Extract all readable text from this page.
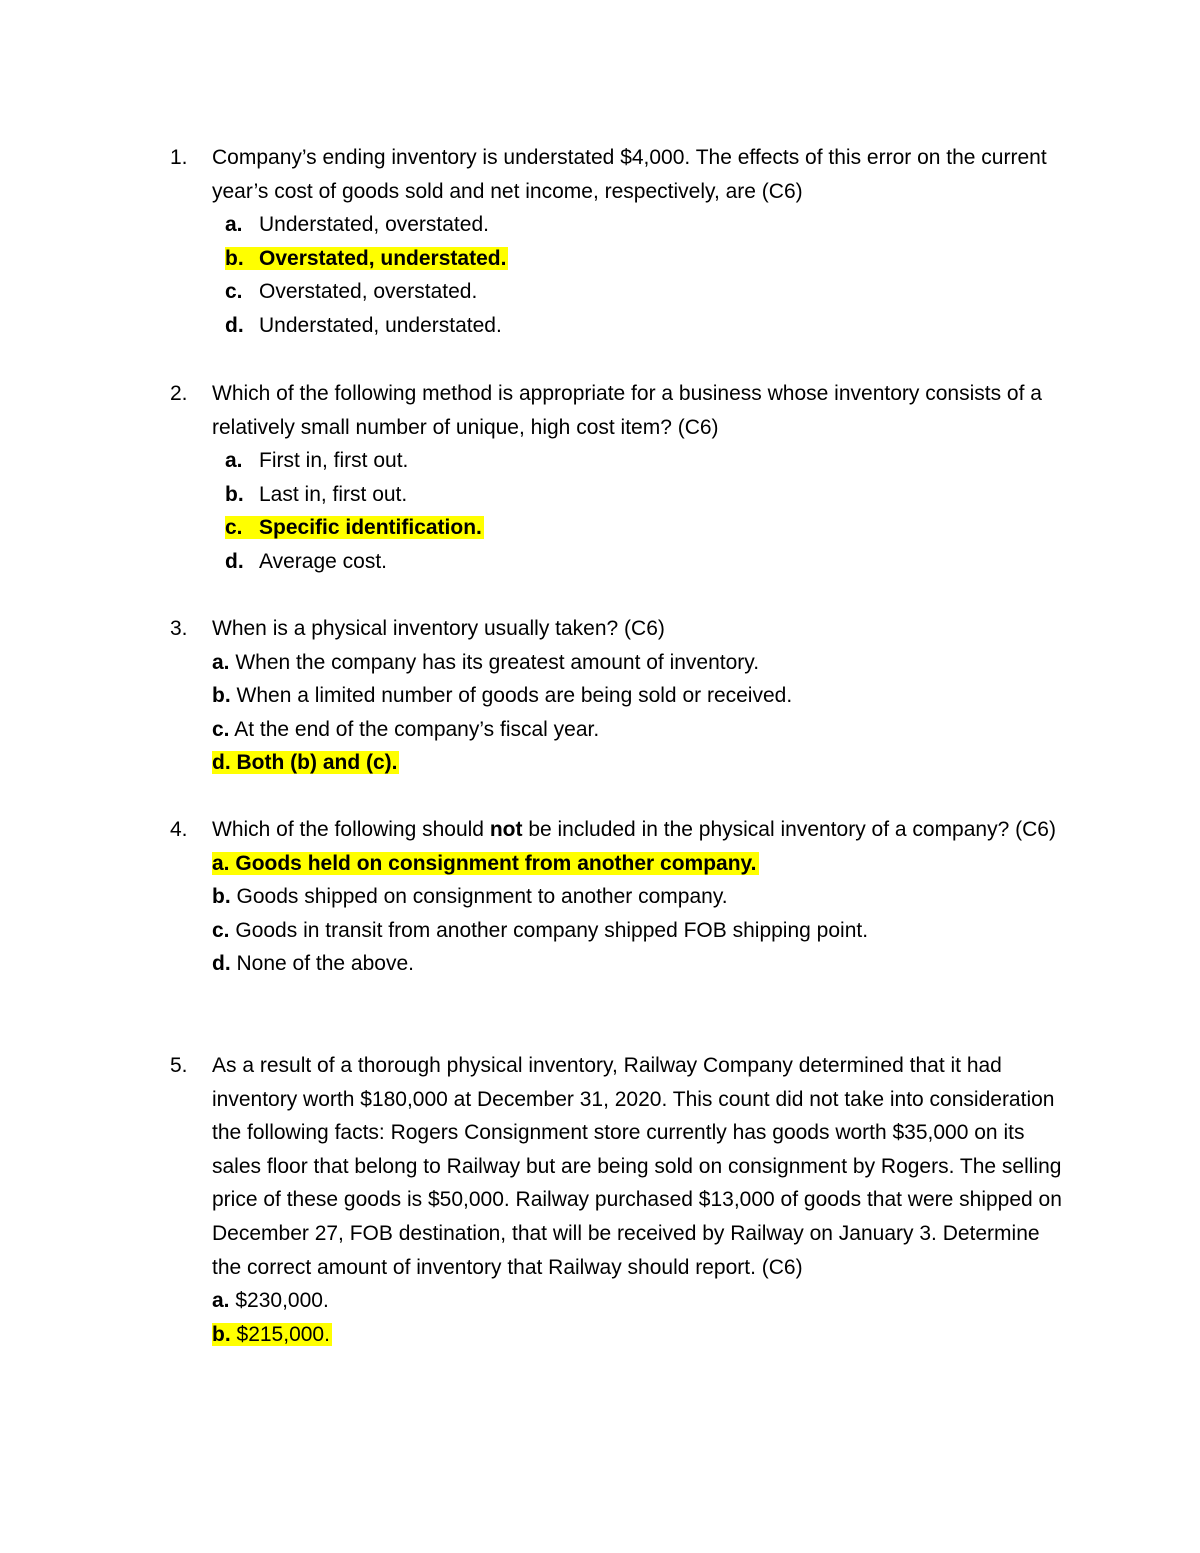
1.	Company’s ending inventory is understated $4,000. The effects of this error on the current year’s cost of goods sold and net income, respectively, are (C6)
a. Understated, overstated.
b. Overstated, understated.
c. Overstated, overstated.
d. Understated, understated.
2.	Which of the following method is appropriate for a business whose inventory consists of a relatively small number of unique, high cost item? (C6)
a. First in, first out.
b. Last in, first out.
c. Specific identification.
d. Average cost.
3.	When is a physical inventory usually taken? (C6)
a. When the company has its greatest amount of inventory.
b. When a limited number of goods are being sold or received.
c. At the end of the company’s fiscal year.
d. Both (b) and (c).
4.	Which of the following should not be included in the physical inventory of a company? (C6)
a. Goods held on consignment from another company.
b. Goods shipped on consignment to another company.
c. Goods in transit from another company shipped FOB shipping point.
d. None of the above.
5.	As a result of a thorough physical inventory, Railway Company determined that it had inventory worth $180,000 at December 31, 2020. This count did not take into consideration the following facts: Rogers Consignment store currently has goods worth $35,000 on its sales floor that belong to Railway but are being sold on consignment by Rogers. The selling price of these goods is $50,000. Railway purchased $13,000 of goods that were shipped on December 27, FOB destination, that will be received by Railway on January 3. Determine the correct amount of inventory that Railway should report. (C6)
a. $230,000.
b. $215,000.
